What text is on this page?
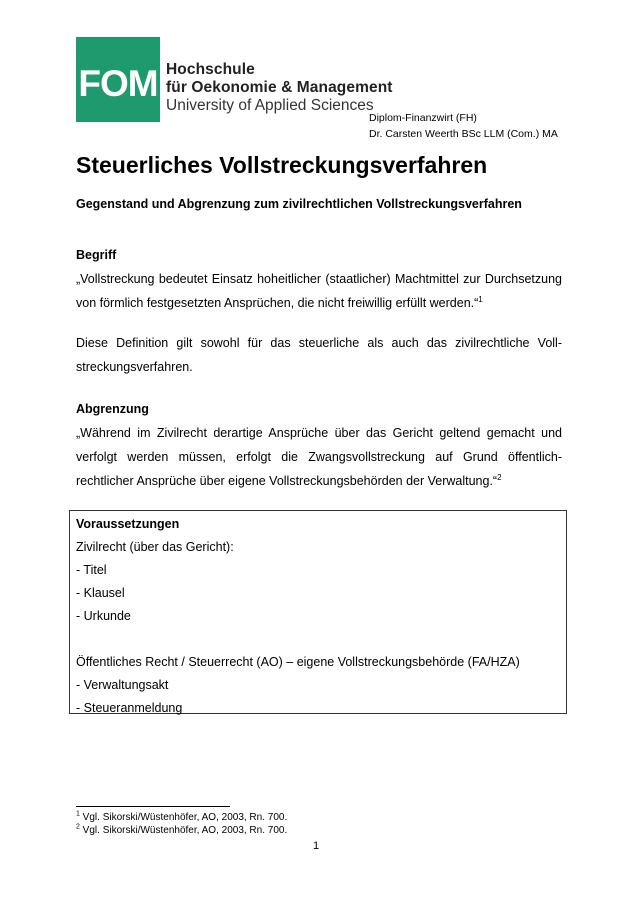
FOM Hochschule
für Oekonomie & Management
University of Applied Sciences
Diplom-Finanzwirt (FH)
Dr. Carsten Weerth BSc LLM (Com.) MA
Steuerliches Vollstreckungsverfahren
Gegenstand und Abgrenzung zum zivilrechtlichen Vollstreckungsverfahren

Begriff

„Vollstreckung bedeutet Einsatz hoheitlicher (staatlicher) Machtmittel zur Durchsetzung von förmlich festgesetzten Ansprüchen, die nicht freiwillig erfüllt werden.“$^1$

Diese Definition gilt sowohl für das steuerliche als auch das zivilrechtliche Vollstreckungsverfahren.

Abgrenzung

„Während im Zivilrecht derartige Ansprüche über das Gericht geltend gemacht und verfolgt werden müssen, erfolgt die Zwangsvollstreckung auf Grund öffentlich-rechtlicher Ansprüche über eigene Vollstreckungsbehörden der Verwaltung.“$^2$

Voraussetzungen
Zivilrecht (über das Gericht):
- Titel
- Klausel
- Urkunde
Öffentliches Recht / Steuerrecht (AO) – eigene Vollstreckungsbehörde (FA/HZA)
- Verwaltungsakt
- Steueranmeldung
$^1$ Vgl. Sikorski/Wüstenhöfer, AO, 2003, Rn. 700.
$^2$ Vgl. Sikorski/Wüstenhöfer, AO, 2003, Rn. 700.
1
